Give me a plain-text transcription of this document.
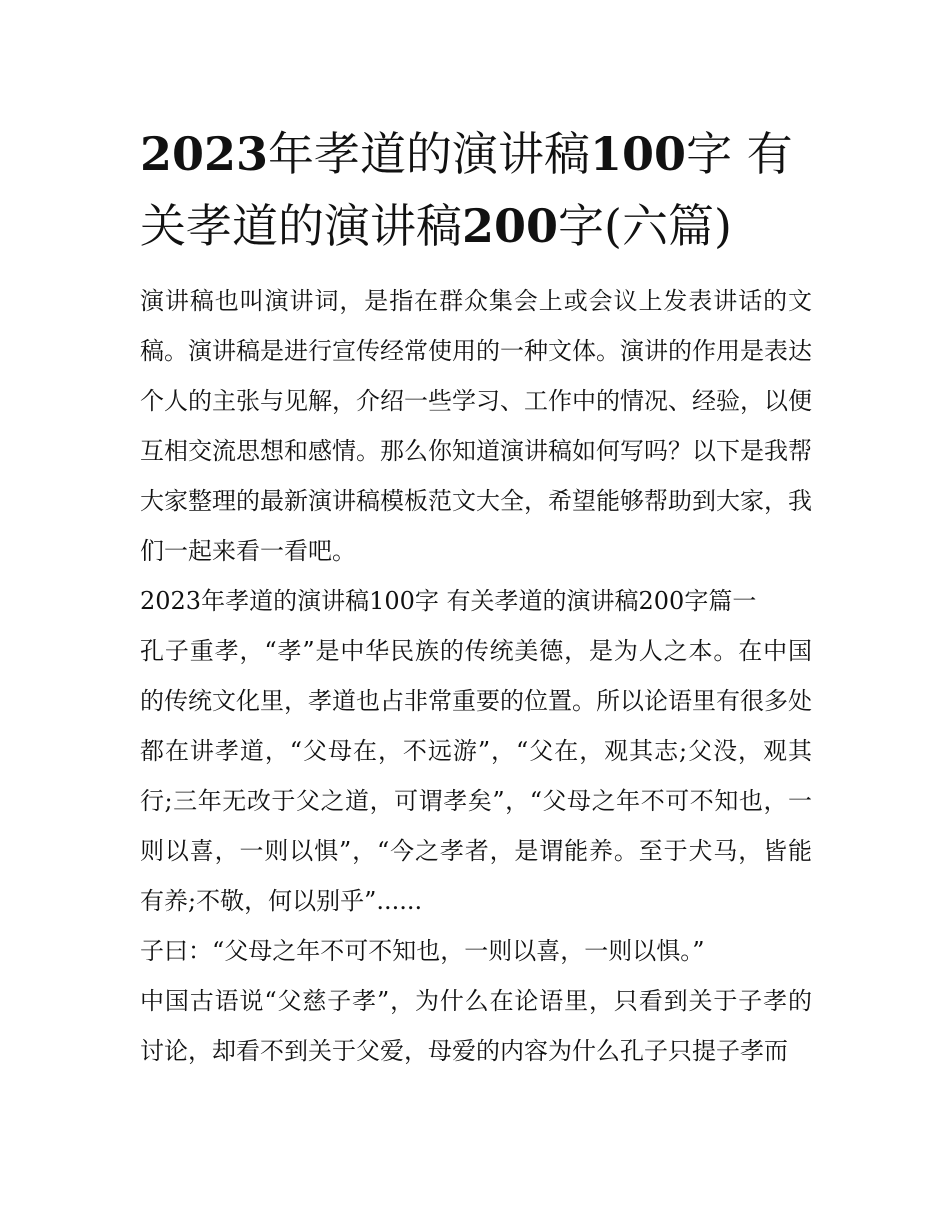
2023年孝道的演讲稿100字 有关孝道的演讲稿200字(六篇)

演讲稿也叫演讲词，是指在群众集会上或会议上发表讲话的文稿。演讲稿是进行宣传经常使用的一种文体。演讲的作用是表达个人的主张与见解，介绍一些学习、工作中的情况、经验，以便互相交流思想和感情。那么你知道演讲稿如何写吗？以下是我帮大家整理的最新演讲稿模板范文大全，希望能够帮助到大家，我们一起来看一看吧。

2023年孝道的演讲稿100字 有关孝道的演讲稿200字篇一

孔子重孝，“孝”是中华民族的传统美德，是为人之本。在中国的传统文化里，孝道也占非常重要的位置。所以论语里有很多处都在讲孝道，“父母在，不远游”，“父在，观其志;父没，观其行;三年无改于父之道，可谓孝矣”，“父母之年不可不知也，一则以喜，一则以惧”，“今之孝者，是谓能养。至于犬马，皆能有养;不敬，何以别乎”......

子曰：“父母之年不可不知也，一则以喜，一则以惧。”

中国古语说“父慈子孝”，为什么在论语里，只看到关于子孝的讨论，却看不到关于父爱，母爱的内容为什么孔子只提子孝而
